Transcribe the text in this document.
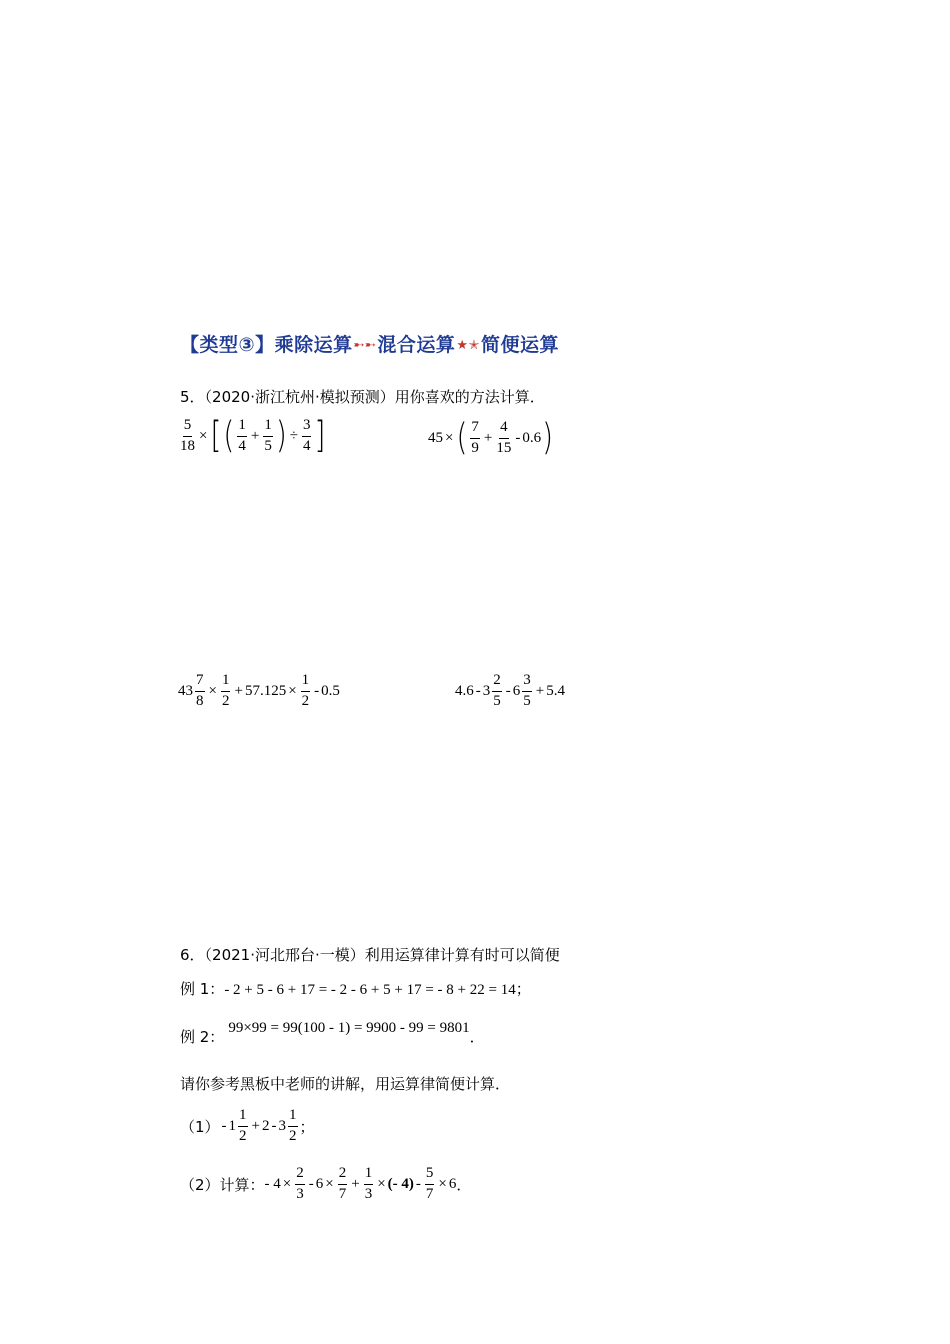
【类型③】乘除运算➸➸混合运算★✭简便运算
5．（2020·浙江杭州·模拟预测）用你喜欢的方法计算．
$\frac{5}{18}$ × [ ( $\frac{1}{4} + \frac{1}{5}$ ) ÷ $\frac{3}{4}$ ]	45 × ( $\frac{7}{9} + \frac{4}{15} - 0.6$ )
$43 \frac{7}{8} \times \frac{1}{2} + 57.125 \times \frac{1}{2} - 0.5$	$4.6 - 3 \frac{2}{5} - 6 \frac{3}{5} + 5.4$
6．（2021·河北邢台·一模）利用运算律计算有时可以简便
例 1：- 2 + 5 - 6 + 17 = - 2 - 6 + 5 + 17 = - 8 + 22 = 14；
例 2： 99×99 = 99(100 - 1) = 9900 - 99 = 9801．
请你参考黑板中老师的讲解，用运算律简便计算．
$(1) - 1 \frac{1}{2} + 2 - 3 \frac{1}{2}$ ；
（2）计算： - $4 \times \frac{2}{3} - 6 \times \frac{2}{7} + \frac{1}{3}$ × (- $4) - \frac{5}{7} \times 6$ ．
